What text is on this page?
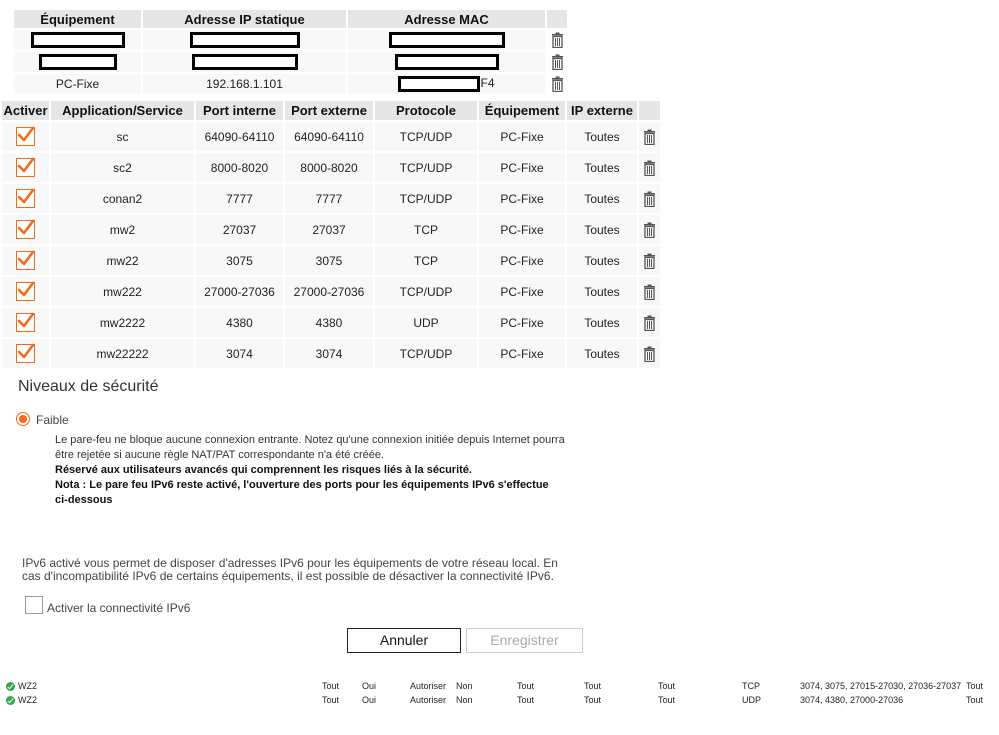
Équipement	Adresse IP statique	Adresse MAC	

PC-Fixe	192.168.1.101	F4	
Activer	Application/Service	Port interne	Port externe	Protocole	Équipement	IP externe	

	sc	64090-64110	64090-64110	TCP/UDP	PC-Fixe	Toutes	

	sc2	8000-8020	8000-8020	TCP/UDP	PC-Fixe	Toutes	

	conan2	7777	7777	TCP/UDP	PC-Fixe	Toutes	

	mw2	27037	27037	TCP	PC-Fixe	Toutes	

	mw22	3075	3075	TCP	PC-Fixe	Toutes	

	mw222	27000-27036	27000-27036	TCP/UDP	PC-Fixe	Toutes	

	mw2222	4380	4380	UDP	PC-Fixe	Toutes	

	mw22222	3074	3074	TCP/UDP	PC-Fixe	Toutes	
Niveaux de sécurité
Faible
Le pare-feu ne bloque aucune connexion entrante. Notez qu'une connexion initiée depuis Internet pourra être rejetée si aucune règle NAT/PAT correspondante n'a été créée.
Réservé aux utilisateurs avancés qui comprennent les risques liés à la sécurité.
Nota : Le pare feu IPv6 reste activé, l'ouverture des ports pour les équipements IPv6 s'effectue ci-dessous
IPv6 activé vous permet de disposer d'adresses IPv6 pour les équipements de votre réseau local. En cas d'incompatibilité IPv6 de certains équipements, il est possible de désactiver la connectivité IPv6.
Activer la connectivité IPv6
Annuler	Enregistrer
WZ2	Tout	Oui	Autoriser Non	Tout	Tout	Tout	TCP	3074, 3075, 27015-27030, 27036-27037 Tout
WZ2	Tout	Oui	Autoriser Non	Tout	Tout	Tout	UDP	3074, 4380, 27000-27036	Tout
